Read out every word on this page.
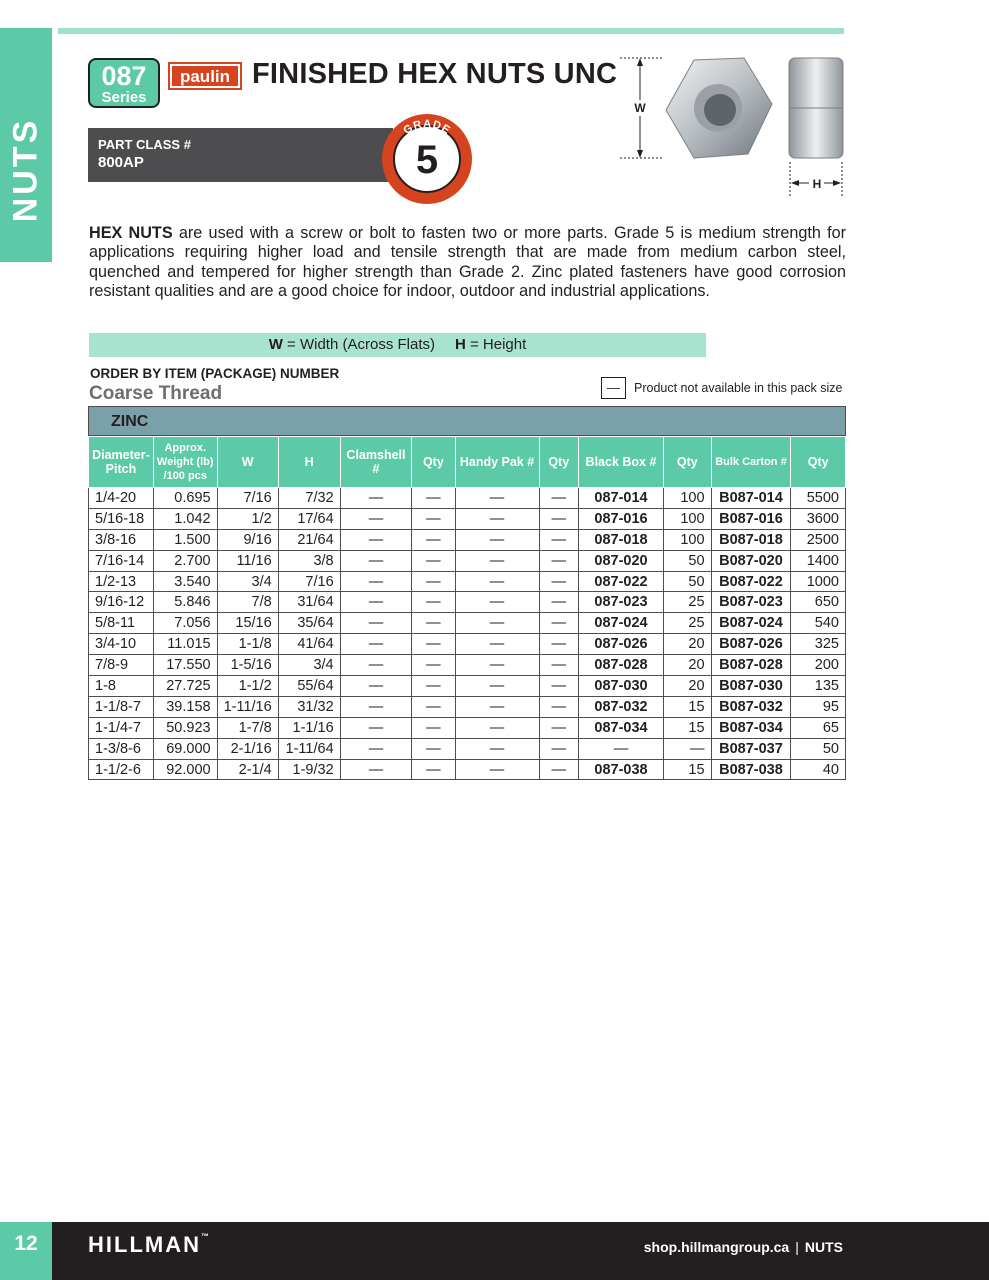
NUTS
087
Series
paulin FINISHED HEX NUTS UNC
PART CLASS #
800AP
GRADE
5
W
H

HEX NUTS are used with a screw or bolt to fasten two or more parts. Grade 5 is medium strength for applications requiring higher load and tensile strength that are made from medium carbon steel, quenched and tempered for higher strength than Grade 2. Zinc plated fasteners have good corrosion resistant qualities and are a good choice for indoor, outdoor and industrial applications.

W = Width (Across Flats) H = Height
ORDER BY ITEM (PACKAGE) NUMBER
Coarse Thread	—	Product not available in this pack size
ZINC
Diameter-Pitch	Approx. Weight (lb) /100 pcs	W	H	Clamshell #	Qty	Handy Pak #	Qty	Black Box #	Qty	Bulk Carton #	Qty
1/4-20	0.695	7/16	7/32	—	—	—	—	087-014	100	B087-014	5500
5/16-18	1.042	1/2	17/64	—	—	—	—	087-016	100	B087-016	3600
3/8-16	1.500	9/16	21/64	—	—	—	—	087-018	100	B087-018	2500
7/16-14	2.700	11/16	3/8	—	—	—	—	087-020	50	B087-020	1400
1/2-13	3.540	3/4	7/16	—	—	—	—	087-022	50	B087-022	1000
9/16-12	5.846	7/8	31/64	—	—	—	—	087-023	25	B087-023	650
5/8-11	7.056	15/16	35/64	—	—	—	—	087-024	25	B087-024	540
3/4-10	11.015	1-1/8	41/64	—	—	—	—	087-026	20	B087-026	325
7/8-9	17.550	1-5/16	3/4	—	—	—	—	087-028	20	B087-028	200
1-8	27.725	1-1/2	55/64	—	—	—	—	087-030	20	B087-030	135
1-1/8-7	39.158	1-11/16	31/32	—	—	—	—	087-032	15	B087-032	95
1-1/4-7	50.923	1-7/8	1-1/16	—	—	—	—	087-034	15	B087-034	65
1-3/8-6	69.000	2-1/16	1-11/64	—	—	—	—	—	—	B087-037	50
1-1/2-6	92.000	2-1/4	1-9/32	—	—	—	—	087-038	15	B087-038	40
12	HILLMAN™
shop.hillmangroup.ca | NUTS
